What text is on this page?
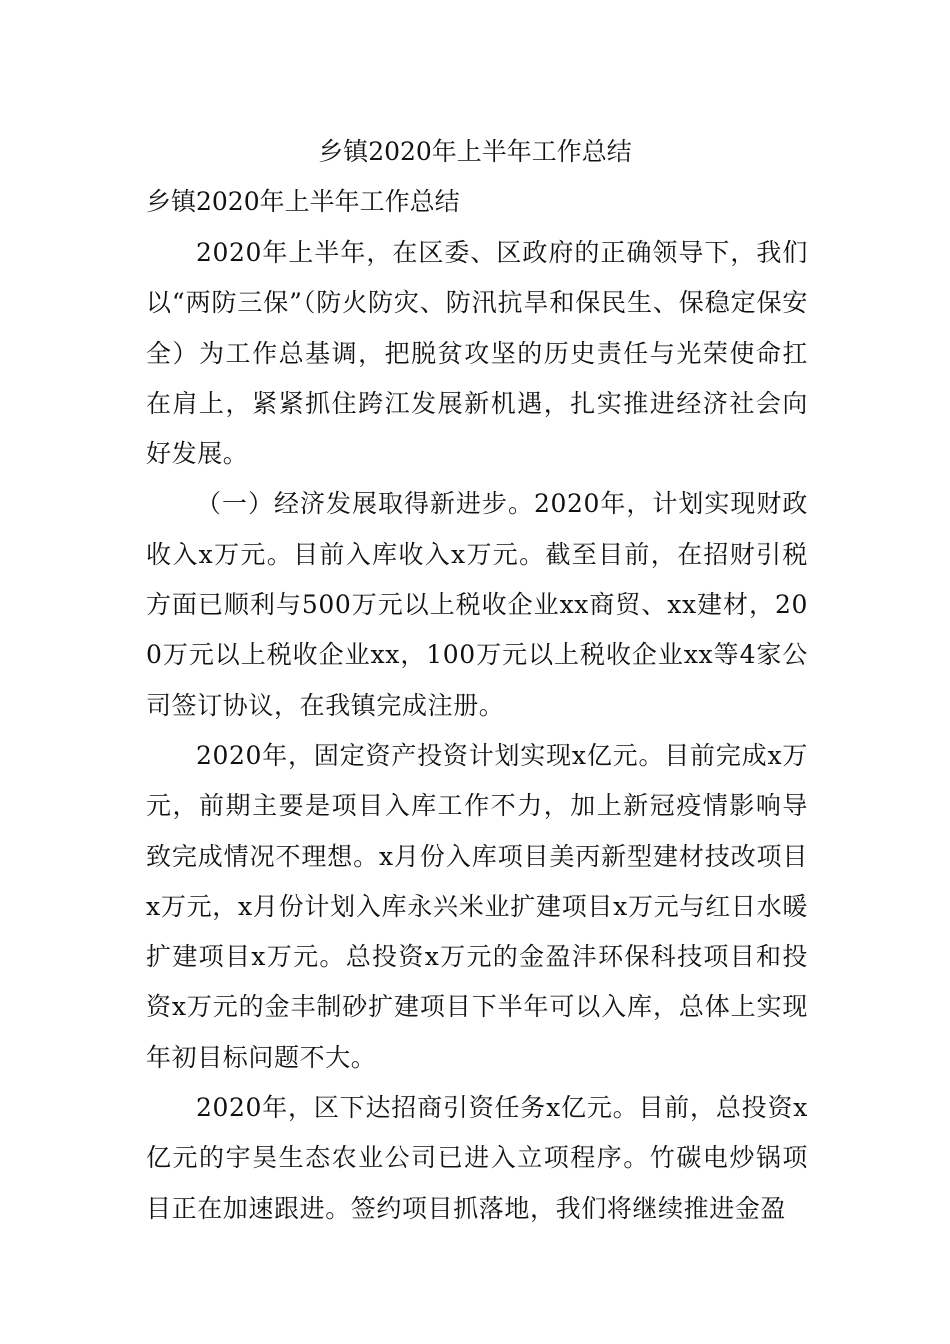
乡镇2020年上半年工作总结
乡镇2020年上半年工作总结

2020年上半年，在区委、区政府的正确领导下，我们以“两防三保”（防火防灾、防汛抗旱和保民生、保稳定保安全）为工作总基调，把脱贫攻坚的历史责任与光荣使命扛在肩上，紧紧抓住跨江发展新机遇，扎实推进经济社会向好发展。

（一）经济发展取得新进步。2020年，计划实现财政收入x万元。目前入库收入x万元。截至目前，在招财引税方面已顺利与500万元以上税收企业xx商贸、xx建材，200万元以上税收企业xx，100万元以上税收企业xx等4家公司签订协议，在我镇完成注册。

2020年，固定资产投资计划实现x亿元。目前完成x万元，前期主要是项目入库工作不力，加上新冠疫情影响导致完成情况不理想。x月份入库项目美丙新型建材技改项目x万元，x月份计划入库永兴米业扩建项目x万元与红日水暖扩建项目x万元。总投资x万元的金盈沣环保科技项目和投资x万元的金丰制砂扩建项目下半年可以入库，总体上实现年初目标问题不大。

2020年，区下达招商引资任务x亿元。目前，总投资x亿元的宇昊生态农业公司已进入立项程序。竹碳电炒锅项目正在加速跟进。签约项目抓落地，我们将继续推进金盈
